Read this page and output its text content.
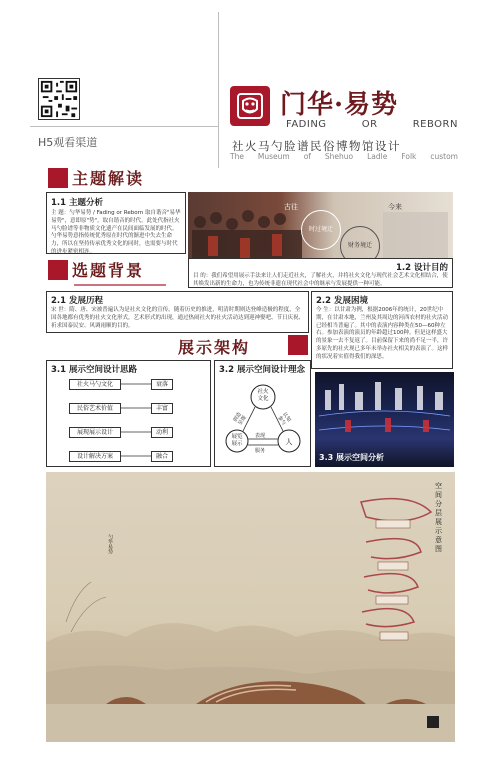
H5观看渠道
门华·易势
FADING	OR	REBORN
社火马勺脸谱民俗博物馆设计
The Museum of Shehuo Ladle Folk custom
主题解读
1.1 主题分析
主 题：勺华易势 / Fading or Reborn 取自谐音"易华易势"，意即原"势"，取自谐音的时代。此处代指社火马勺脸谱等非物质文化遗产在民间面临发展的时代。勺华易势意指传统优秀原在时代的渐进中失去生命力，所以在坚持传承优秀文化的同时，也需要与时代的进步紧密相连。
古往	今来
时过境迁
财务境迁
选题背景	1.2 设计目的
目 的：我们希望用展示手法来让人们走近社火，了解社火，并将社火文化与现代社会艺术文化相结合，使其焕发出新的生命力，也为传统非遗在现代社会中的继承与发展提供一种可能。
2.1 发展历程
宋 世：隋、唐、宋被普遍认为是社火文化的宣传。随着历史的推进，明清时期则达登峰造极的程度，全国各地都有优秀的社火文化形式，艺术形式的出现，通过热闹社火的社火活动达到迎神娶吧、节日庆祝、祈求国泰民安、风调雨顺的目的。
2.2 发展困境
今 生：以甘肃为例，根据2006年的统计，20世纪中期，在甘肃本地，兰州及其周边的河西农村的社火活动已经相当普遍了。其中的表演内容种类在50—60种左右。参加表演的演员的年龄超过100种。但是这样盛大的景象一去不复返了。目前保留下来的尚不足一半，许多原先的社火现已多年未举办社火相关的表演了。这样的状况着实值得我们的深思。
展示架构
3.1 展示空间设计思路
社火马勺文化
民俗艺术价值
展现展示设计
设计解决方案
衰落
丰富
动利
融合
3.2 展示空间设计理念
社火
文化
展览
展示	人
创造
呈现	认知
参与
表现
服务
3.3 展示空间分析
勺华易势
空间分层展示意图
